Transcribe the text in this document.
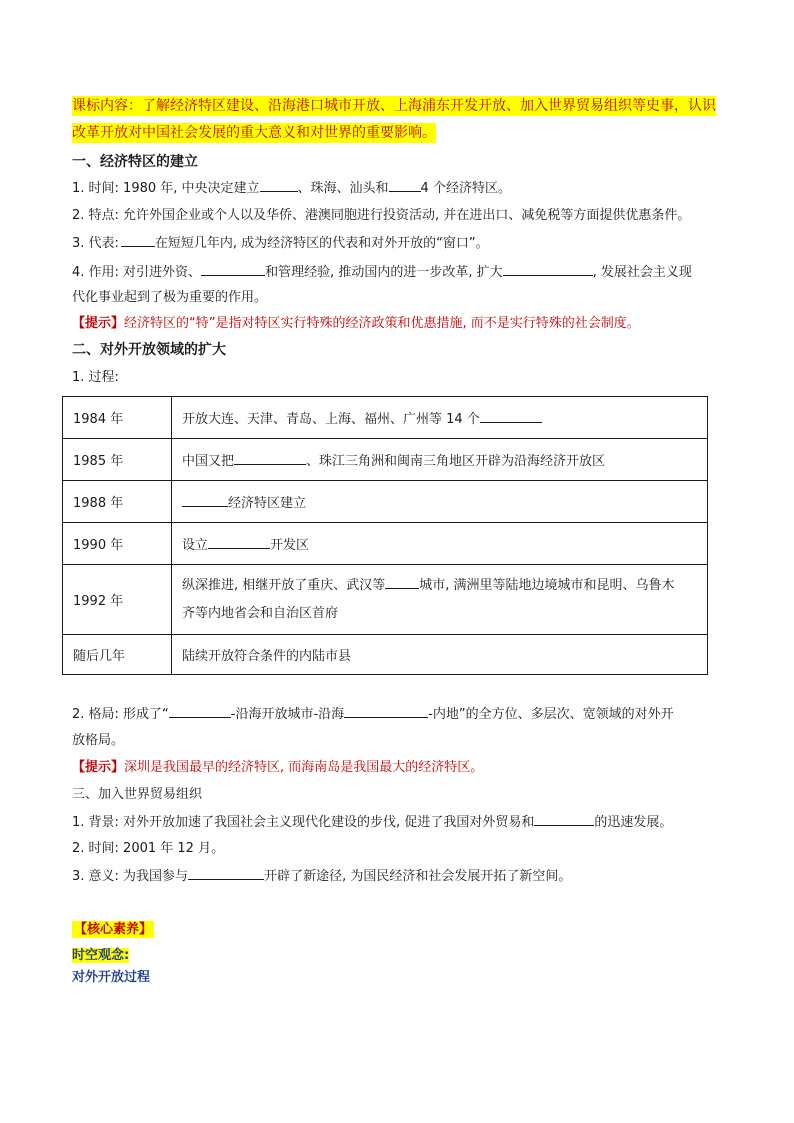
课标内容：了解经济特区建设、沿海港口城市开放、上海浦东开发开放、加入世界贸易组织等史事，认识
改革开放对中国社会发展的重大意义和对世界的重要影响。
一、经济特区的建立
1. 时间: 1980 年, 中央决定建立	、珠海、汕头和 4 个经济特区。
2. 特点: 允许外国企业或个人以及华侨、港澳同胞进行投资活动, 并在进出口、减免税等方面提供优惠条件。
3. 代表:	在短短几年内, 成为经济特区的代表和对外开放的“窗口”。
4. 作用: 对引进外资、	和管理经验, 推动国内的进一步改革, 扩大	, 发展社会主义现
代化事业起到了极为重要的作用。
【提示】经济特区的“特”是指对特区实行特殊的经济政策和优惠措施, 而不是实行特殊的社会制度。
二、对外开放领域的扩大
1. 过程:
1984 年	开放大连、天津、青岛、上海、福州、广州等 14 个
1985 年	中国又把 、珠江三角洲和闽南三角地区开辟为沿海经济开放区
1988 年	经济特区建立
1990 年	设立 开发区
1992 年	纵深推进, 相继开放了重庆、武汉等 城市, 满洲里等陆地边境城市和昆明、乌鲁木
齐等内地省会和自治区首府
随后几年	陆续开放符合条件的内陆市县
2. 格局: 形成了“	-沿海开放城市-沿海	-内地”的全方位、多层次、宽领域的对外开
放格局。
【提示】深圳是我国最早的经济特区, 而海南岛是我国最大的经济特区。
三、加入世界贸易组织
1. 背景: 对外开放加速了我国社会主义现代化建设的步伐, 促进了我国对外贸易和	的迅速发展。
2. 时间: 2001 年 12 月。
3. 意义: 为我国参与	开辟了新途径, 为国民经济和社会发展开拓了新空间。
【核心素养】
时空观念:
对外开放过程
